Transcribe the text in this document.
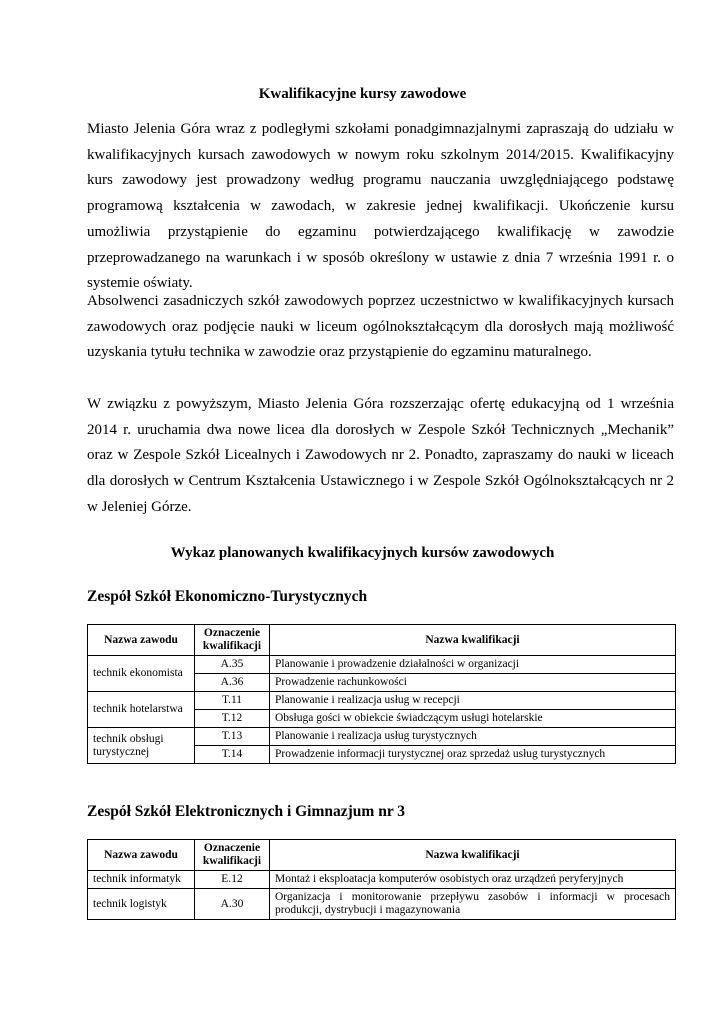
Kwalifikacyjne kursy zawodowe

Miasto Jelenia Góra wraz z podległymi szkołami ponadgimnazjalnymi zapraszają do udziału w kwalifikacyjnych kursach zawodowych w nowym roku szkolnym 2014/2015. Kwalifikacyjny kurs zawodowy jest prowadzony według programu nauczania uwzględniającego podstawę programową kształcenia w zawodach, w zakresie jednej kwalifikacji. Ukończenie kursu umożliwia przystąpienie do egzaminu potwierdzającego kwalifikację w zawodzie przeprowadzanego na warunkach i w sposób określony w ustawie z dnia 7 września 1991 r. o systemie oświaty.

Absolwenci zasadniczych szkół zawodowych poprzez uczestnictwo w kwalifikacyjnych kursach zawodowych oraz podjęcie nauki w liceum ogólnokształcącym dla dorosłych mają możliwość uzyskania tytułu technika w zawodzie oraz przystąpienie do egzaminu maturalnego.

W związku z powyższym, Miasto Jelenia Góra rozszerzając ofertę edukacyjną od 1 września 2014 r. uruchamia dwa nowe licea dla dorosłych w Zespole Szkół Technicznych „Mechanik” oraz w Zespole Szkół Licealnych i Zawodowych nr 2. Ponadto, zapraszamy do nauki w liceach dla dorosłych w Centrum Kształcenia Ustawicznego i w Zespole Szkół Ogólnokształcących nr 2 w Jeleniej Górze.

Wykaz planowanych kwalifikacyjnych kursów zawodowych
Zespół Szkół Ekonomiczno-Turystycznych
Nazwa zawodu	Oznaczenie kwalifikacji	Nazwa kwalifikacji
technik ekonomista	A.35	Planowanie i prowadzenie działalności w organizacji
	A.36	Prowadzenie rachunkowości
technik hotelarstwa	T.11	Planowanie i realizacja usług w recepcji
	T.12	Obsługa gości w obiekcie świadczącym usługi hotelarskie
technik obsługi turystycznej	T.13	Planowanie i realizacja usług turystycznych
	T.14	Prowadzenie informacji turystycznej oraz sprzedaż usług turystycznych
Zespół Szkół Elektronicznych i Gimnazjum nr 3
Nazwa zawodu	Oznaczenie kwalifikacji	Nazwa kwalifikacji
technik informatyk	E.12	Montaż i eksploatacja komputerów osobistych oraz urządzeń peryferyjnych
technik logistyk	A.30	Organizacja i monitorowanie przepływu zasobów i informacji w procesach produkcji, dystrybucji i magazynowania
